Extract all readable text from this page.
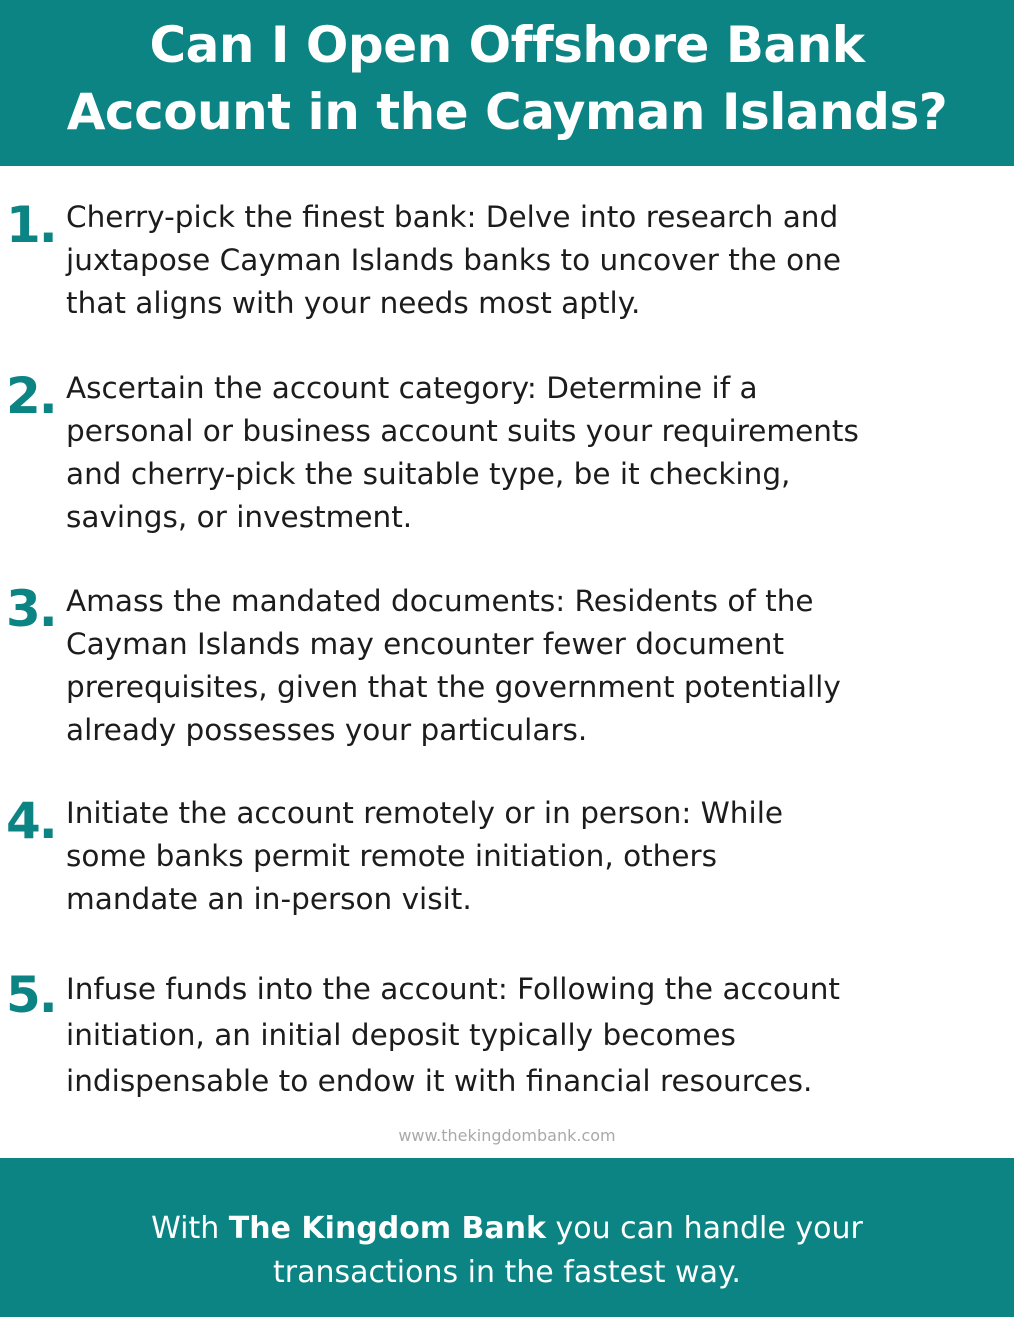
Can I Open Offshore Bank
Account in the Cayman Islands?
1. Cherry-pick the finest bank: Delve into research and
juxtapose Cayman Islands banks to uncover the one
that aligns with your needs most aptly.

2. Ascertain the account category: Determine if a
personal or business account suits your requirements
and cherry-pick the suitable type, be it checking,
savings, or investment.

3. Amass the mandated documents: Residents of the
Cayman Islands may encounter fewer document
prerequisites, given that the government potentially
already possesses your particulars.

4. Initiate the account remotely or in person: While
some banks permit remote initiation, others
mandate an in-person visit.

5. Infuse funds into the account: Following the account
initiation, an initial deposit typically becomes
indispensable to endow it with financial resources.

www.thekingdombank.com

With The Kingdom Bank you can handle your
transactions in the fastest way.
